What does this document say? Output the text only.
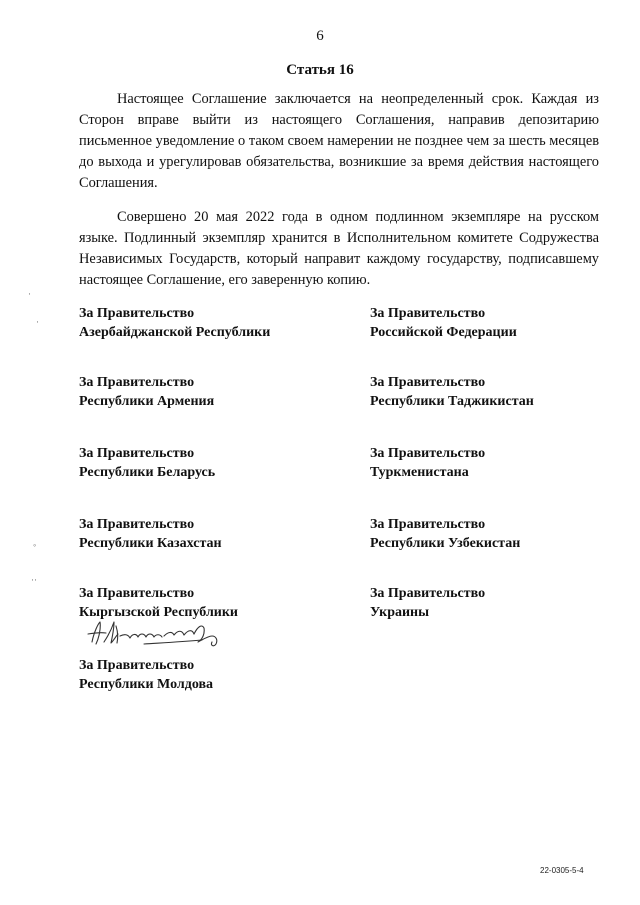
6
Статья 16

Настоящее Соглашение заключается на неопределенный срок. Каждая из Сторон вправе выйти из настоящего Соглашения, направив депозитарию письменное уведомление о таком своем намерении не позднее чем за шесть месяцев до выхода и урегулировав обязательства, возникшие за время действия настоящего Соглашения.

Совершено 20 мая 2022 года в одном подлинном экземпляре на русском языке. Подлинный экземпляр хранится в Исполнительном комитете Содружества Независимых Государств, который направит каждому государству, подписавшему настоящее Соглашение, его заверенную копию.

За Правительство
Азербайджанской Республики
За Правительство
Республики Армения
За Правительство
Республики Беларусь
За Правительство
Республики Казахстан
За Правительство
Кыргызской Республики
За Правительство
Республики Молдова
За Правительство
Российской Федерации
За Правительство
Республики Таджикистан
За Правительство
Туркменистана
За Правительство
Республики Узбекистан
За Правительство
Украины
·
·
◦
··
22-0305-5-4
